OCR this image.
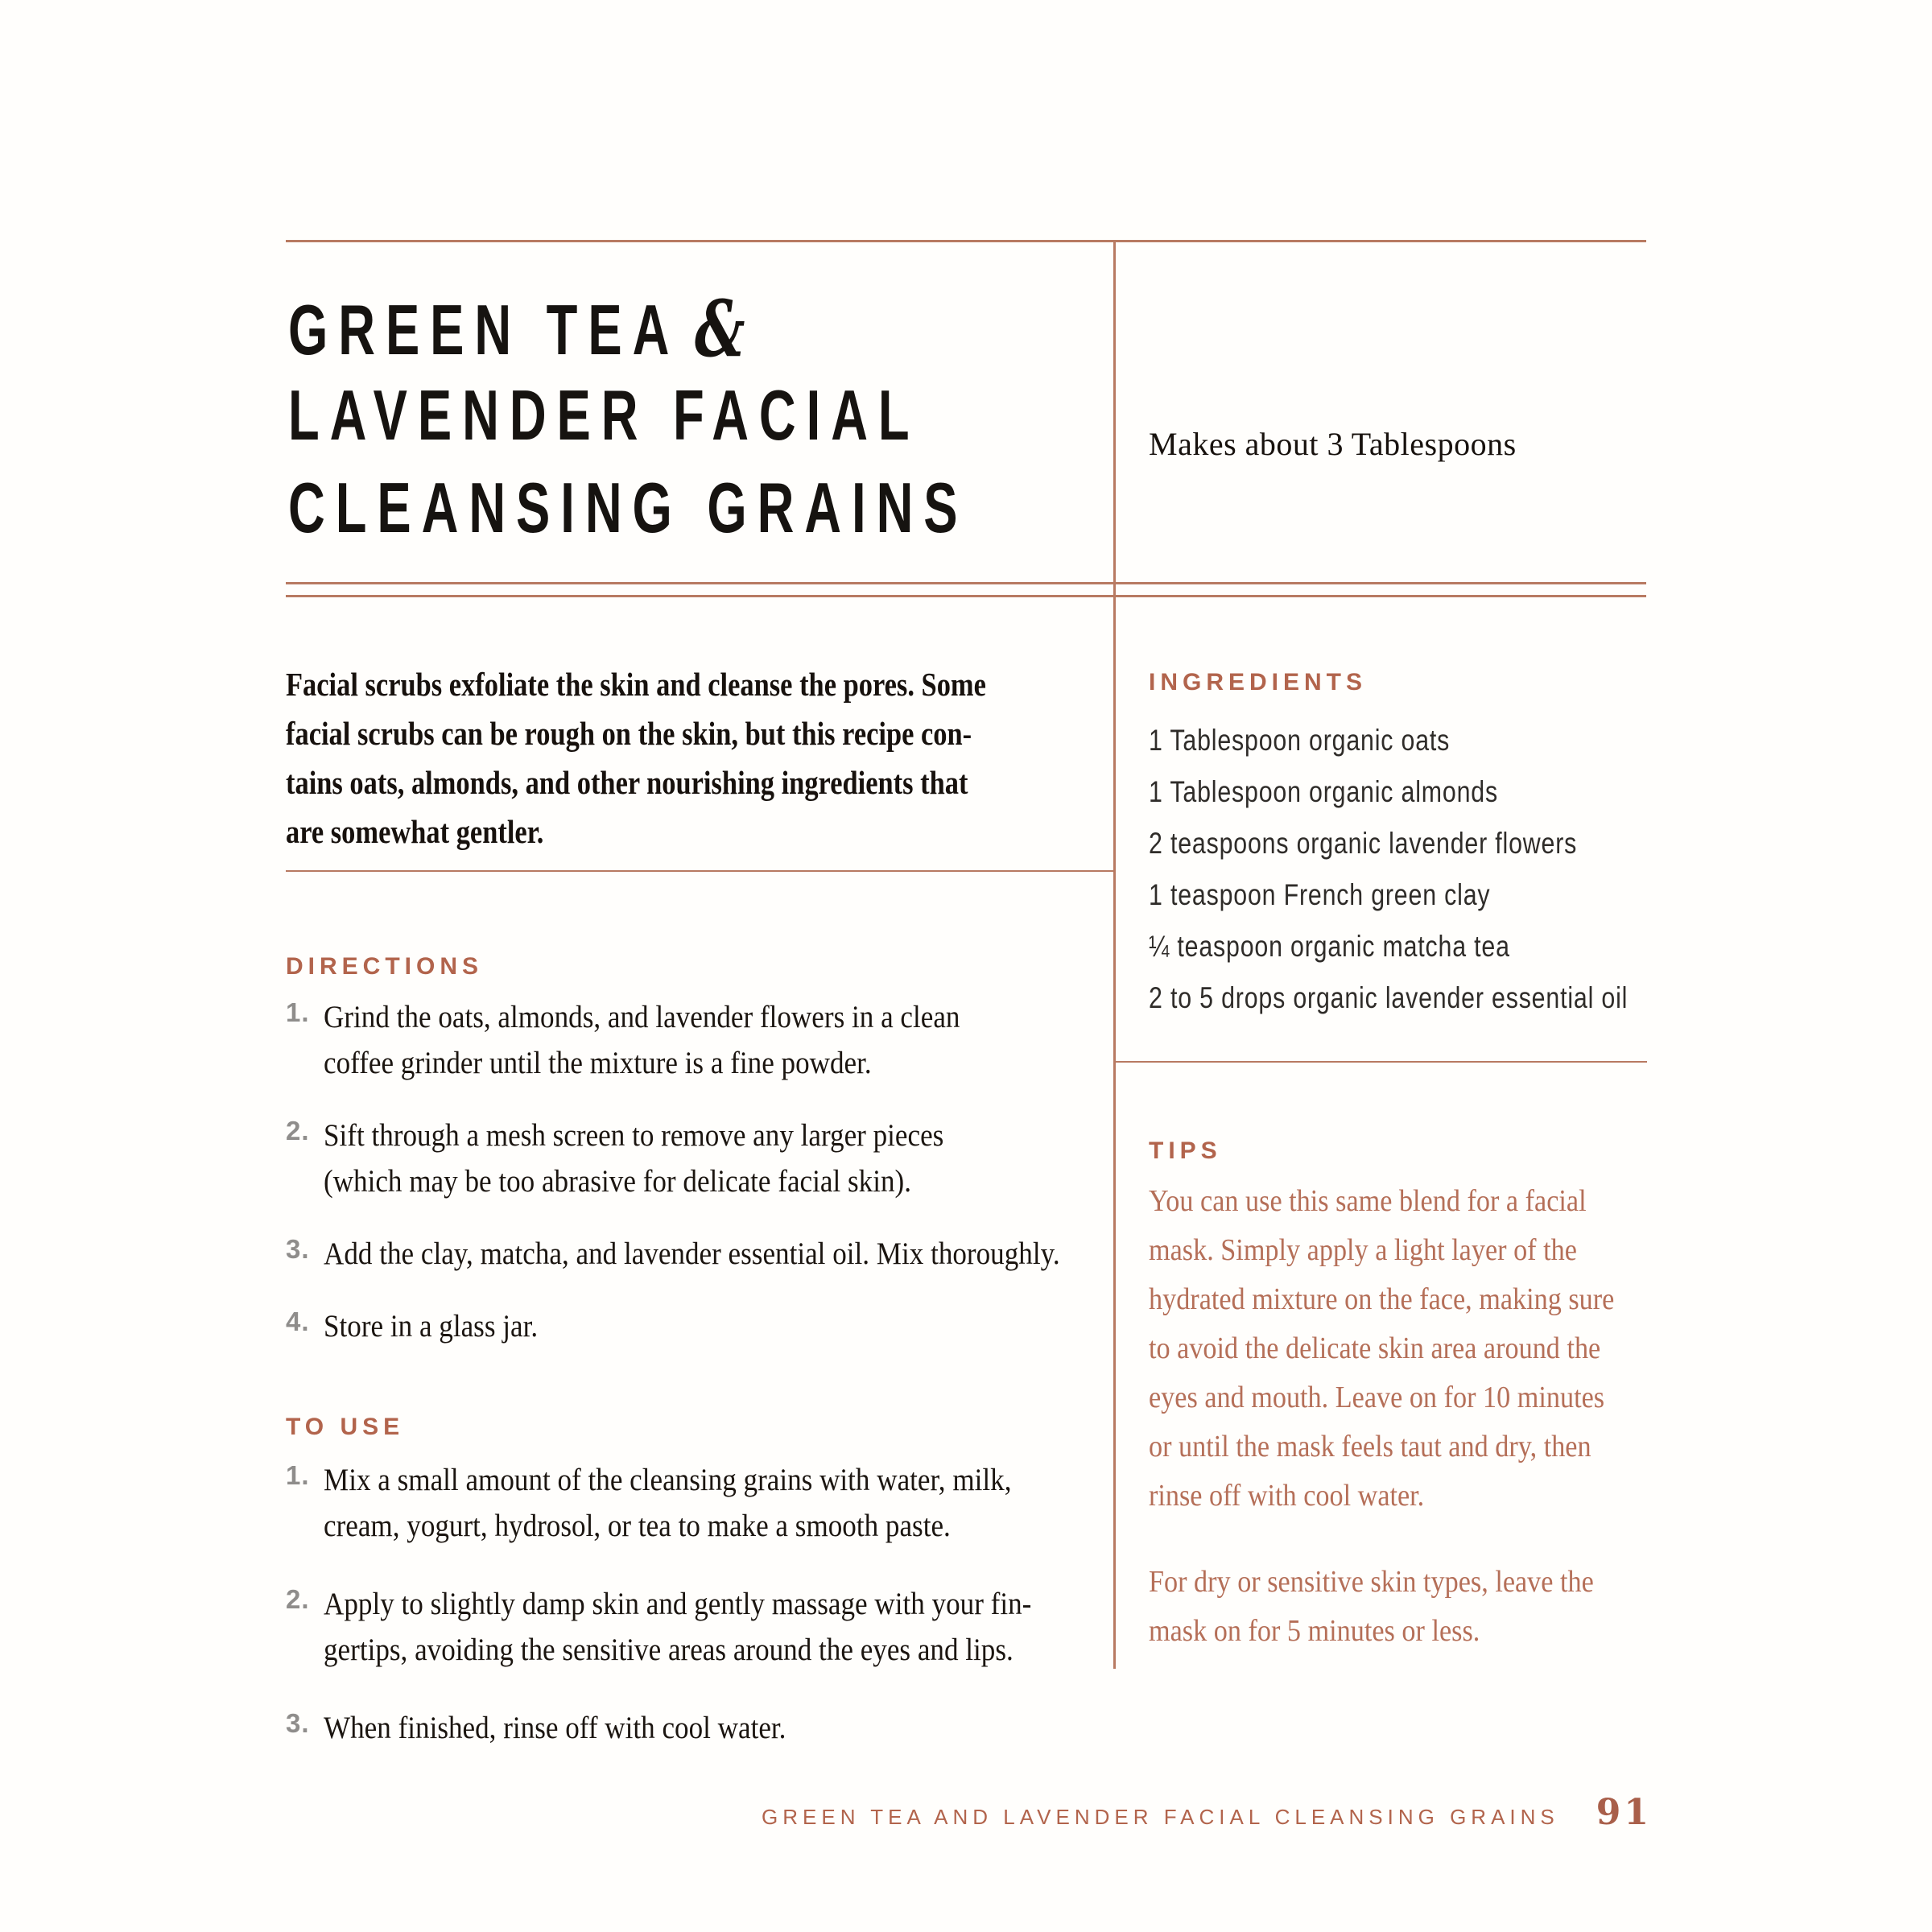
GREEN TEA &
LAVENDER FACIAL
CLEANSING GRAINS
Makes about 3 Tablespoons
Facial scrubs exfoliate the skin and cleanse the pores. Some
facial scrubs can be rough on the skin, but this recipe con-
tains oats, almonds, and other nourishing ingredients that
are somewhat gentler.
DIRECTIONS
1. Grind the oats, almonds, and lavender flowers in a clean
coffee grinder until the mixture is a fine powder.
2. Sift through a mesh screen to remove any larger pieces
(which may be too abrasive for delicate facial skin).
3. Add the clay, matcha, and lavender essential oil. Mix thoroughly.
4. Store in a glass jar.
TO USE
1. Mix a small amount of the cleansing grains with water, milk,
cream, yogurt, hydrosol, or tea to make a smooth paste.
2. Apply to slightly damp skin and gently massage with your fin-
gertips, avoiding the sensitive areas around the eyes and lips.
3. When finished, rinse off with cool water.
INGREDIENTS
1 Tablespoon organic oats
1 Tablespoon organic almonds
2 teaspoons organic lavender flowers
1 teaspoon French green clay
¼ teaspoon organic matcha tea
2 to 5 drops organic lavender essential oil
TIPS
You can use this same blend for a facial
mask. Simply apply a light layer of the
hydrated mixture on the face, making sure
to avoid the delicate skin area around the
eyes and mouth. Leave on for 10 minutes
or until the mask feels taut and dry, then
rinse off with cool water.
For dry or sensitive skin types, leave the
mask on for 5 minutes or less.
GREEN TEA AND LAVENDER FACIAL CLEANSING GRAINS 91
